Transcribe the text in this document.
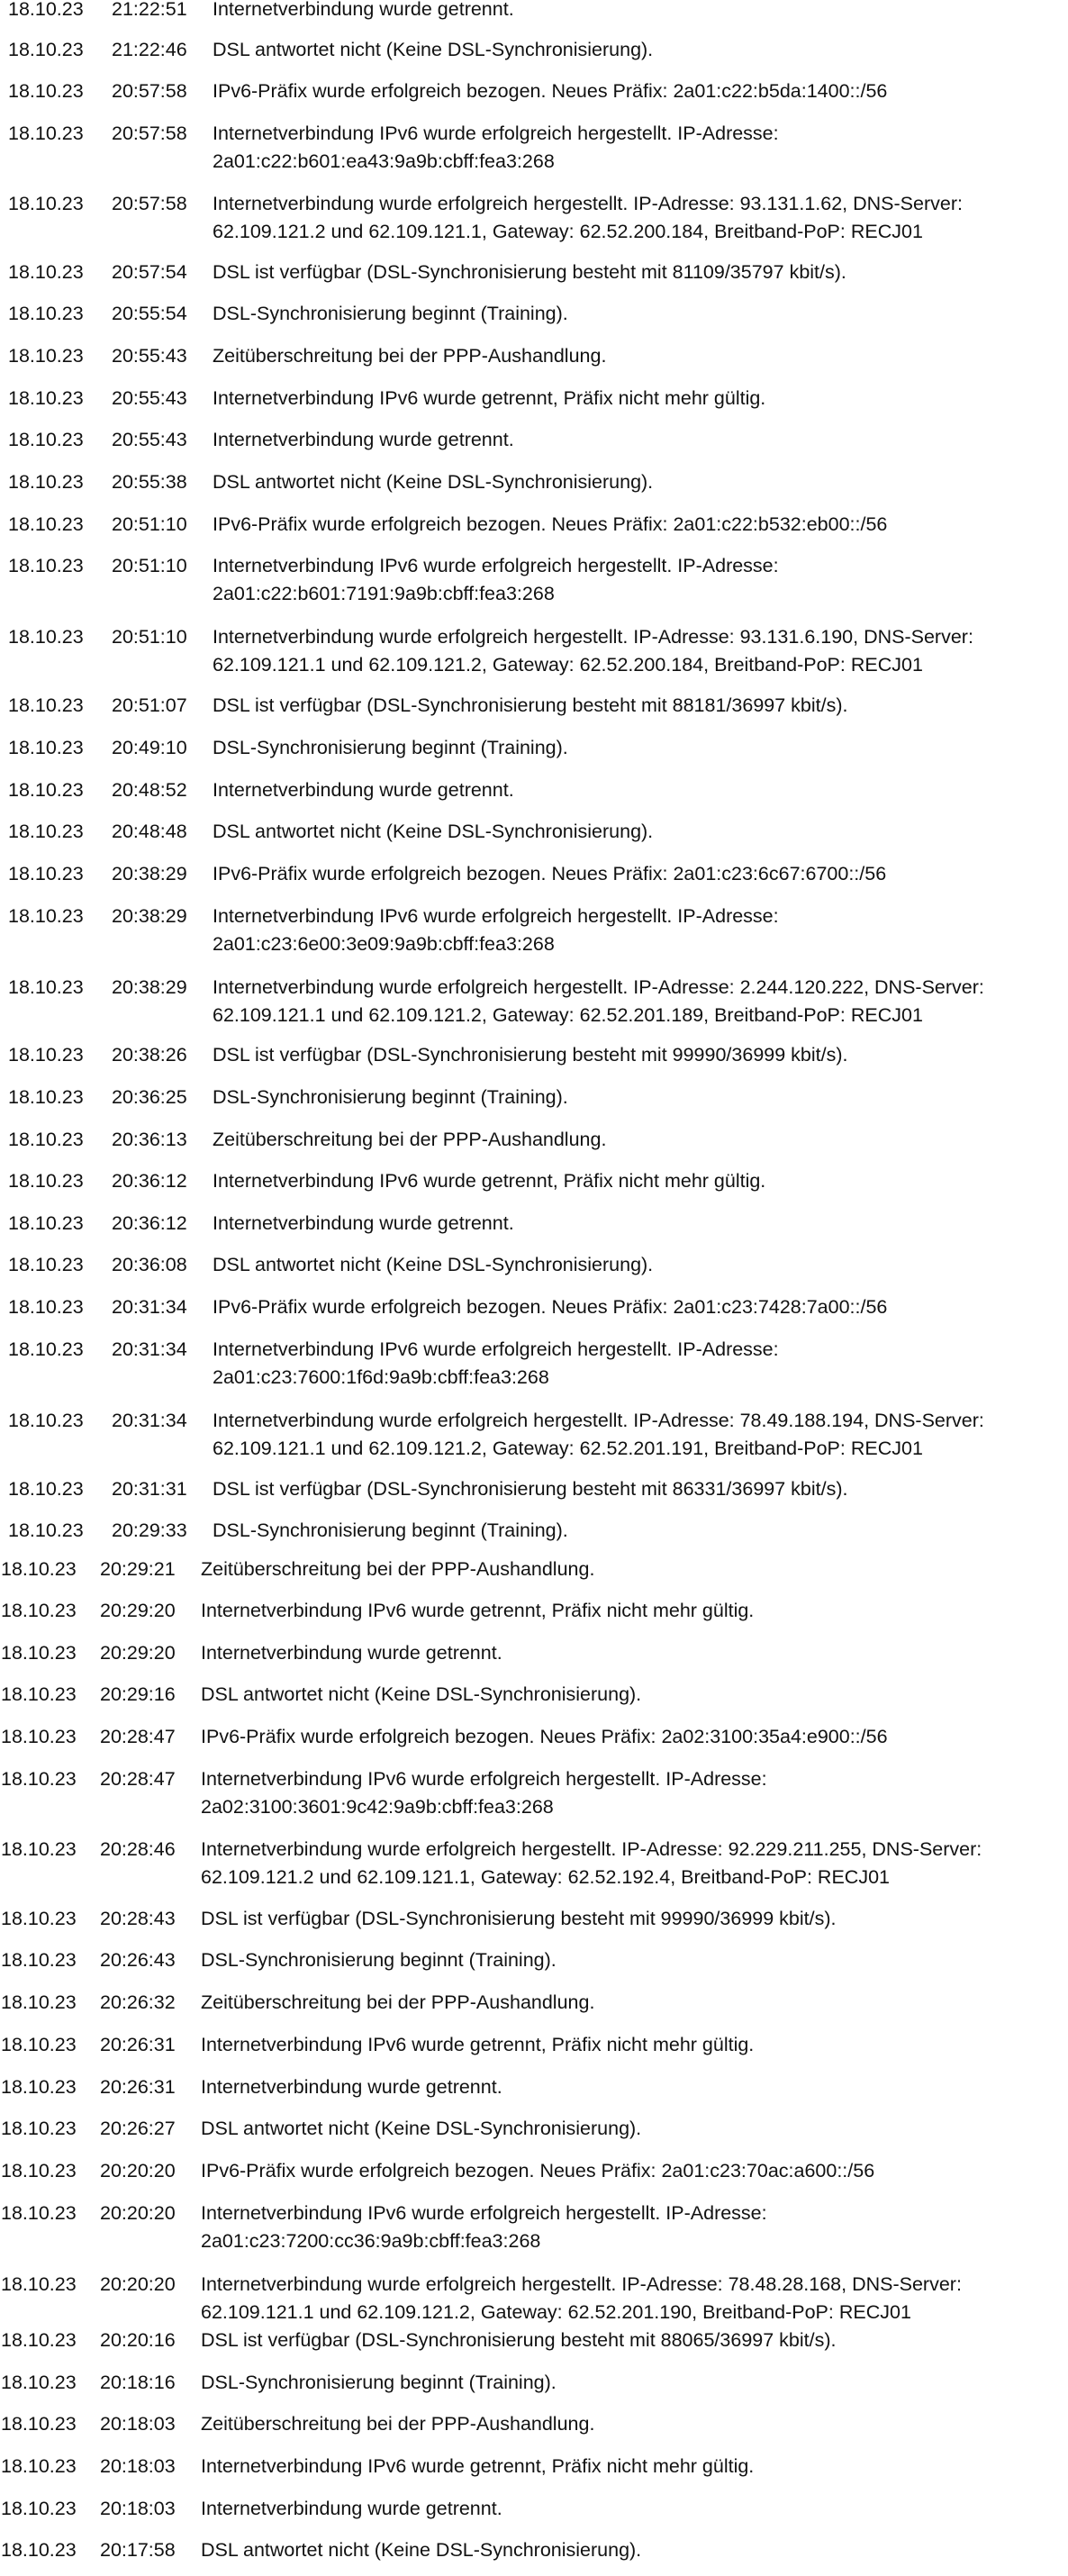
18.10.23 21:22:51 Internetverbindung wurde getrennt.
18.10.23 21:22:46 DSL antwortet nicht (Keine DSL-Synchronisierung).
18.10.23 20:57:58 IPv6-Präfix wurde erfolgreich bezogen. Neues Präfix: 2a01:c22:b5da:1400::/56
18.10.23 20:57:58 Internetverbindung IPv6 wurde erfolgreich hergestellt. IP-Adresse: 2a01:c22:b601:ea43:9a9b:cbff:fea3:268
18.10.23 20:57:58 Internetverbindung wurde erfolgreich hergestellt. IP-Adresse: 93.131.1.62, DNS-Server: 62.109.121.2 und 62.109.121.1, Gateway: 62.52.200.184, Breitband-PoP: RECJ01
18.10.23 20:57:54 DSL ist verfügbar (DSL-Synchronisierung besteht mit 81109/35797 kbit/s).
18.10.23 20:55:54 DSL-Synchronisierung beginnt (Training).
18.10.23 20:55:43 Zeitüberschreitung bei der PPP-Aushandlung.
18.10.23 20:55:43 Internetverbindung IPv6 wurde getrennt, Präfix nicht mehr gültig.
18.10.23 20:55:43 Internetverbindung wurde getrennt.
18.10.23 20:55:38 DSL antwortet nicht (Keine DSL-Synchronisierung).
18.10.23 20:51:10 IPv6-Präfix wurde erfolgreich bezogen. Neues Präfix: 2a01:c22:b532:eb00::/56
18.10.23 20:51:10 Internetverbindung IPv6 wurde erfolgreich hergestellt. IP-Adresse: 2a01:c22:b601:7191:9a9b:cbff:fea3:268
18.10.23 20:51:10 Internetverbindung wurde erfolgreich hergestellt. IP-Adresse: 93.131.6.190, DNS-Server: 62.109.121.1 und 62.109.121.2, Gateway: 62.52.200.184, Breitband-PoP: RECJ01
18.10.23 20:51:07 DSL ist verfügbar (DSL-Synchronisierung besteht mit 88181/36997 kbit/s).
18.10.23 20:49:10 DSL-Synchronisierung beginnt (Training).
18.10.23 20:48:52 Internetverbindung wurde getrennt.
18.10.23 20:48:48 DSL antwortet nicht (Keine DSL-Synchronisierung).
18.10.23 20:38:29 IPv6-Präfix wurde erfolgreich bezogen. Neues Präfix: 2a01:c23:6c67:6700::/56
18.10.23 20:38:29 Internetverbindung IPv6 wurde erfolgreich hergestellt. IP-Adresse: 2a01:c23:6e00:3e09:9a9b:cbff:fea3:268
18.10.23 20:38:29 Internetverbindung wurde erfolgreich hergestellt. IP-Adresse: 2.244.120.222, DNS-Server: 62.109.121.1 und 62.109.121.2, Gateway: 62.52.201.189, Breitband-PoP: RECJ01
18.10.23 20:38:26 DSL ist verfügbar (DSL-Synchronisierung besteht mit 99990/36999 kbit/s).
18.10.23 20:36:25 DSL-Synchronisierung beginnt (Training).
18.10.23 20:36:13 Zeitüberschreitung bei der PPP-Aushandlung.
18.10.23 20:36:12 Internetverbindung IPv6 wurde getrennt, Präfix nicht mehr gültig.
18.10.23 20:36:12 Internetverbindung wurde getrennt.
18.10.23 20:36:08 DSL antwortet nicht (Keine DSL-Synchronisierung).
18.10.23 20:31:34 IPv6-Präfix wurde erfolgreich bezogen. Neues Präfix: 2a01:c23:7428:7a00::/56
18.10.23 20:31:34 Internetverbindung IPv6 wurde erfolgreich hergestellt. IP-Adresse: 2a01:c23:7600:1f6d:9a9b:cbff:fea3:268
18.10.23 20:31:34 Internetverbindung wurde erfolgreich hergestellt. IP-Adresse: 78.49.188.194, DNS-Server: 62.109.121.1 und 62.109.121.2, Gateway: 62.52.201.191, Breitband-PoP: RECJ01
18.10.23 20:31:31 DSL ist verfügbar (DSL-Synchronisierung besteht mit 86331/36997 kbit/s).
18.10.23 20:29:33 DSL-Synchronisierung beginnt (Training).
18.10.23 20:29:21 Zeitüberschreitung bei der PPP-Aushandlung.
18.10.23 20:29:20 Internetverbindung IPv6 wurde getrennt, Präfix nicht mehr gültig.
18.10.23 20:29:20 Internetverbindung wurde getrennt.
18.10.23 20:29:16 DSL antwortet nicht (Keine DSL-Synchronisierung).
18.10.23 20:28:47 IPv6-Präfix wurde erfolgreich bezogen. Neues Präfix: 2a02:3100:35a4:e900::/56
18.10.23 20:28:47 Internetverbindung IPv6 wurde erfolgreich hergestellt. IP-Adresse: 2a02:3100:3601:9c42:9a9b:cbff:fea3:268
18.10.23 20:28:46 Internetverbindung wurde erfolgreich hergestellt. IP-Adresse: 92.229.211.255, DNS-Server: 62.109.121.2 und 62.109.121.1, Gateway: 62.52.192.4, Breitband-PoP: RECJ01
18.10.23 20:28:43 DSL ist verfügbar (DSL-Synchronisierung besteht mit 99990/36999 kbit/s).
18.10.23 20:26:43 DSL-Synchronisierung beginnt (Training).
18.10.23 20:26:32 Zeitüberschreitung bei der PPP-Aushandlung.
18.10.23 20:26:31 Internetverbindung IPv6 wurde getrennt, Präfix nicht mehr gültig.
18.10.23 20:26:31 Internetverbindung wurde getrennt.
18.10.23 20:26:27 DSL antwortet nicht (Keine DSL-Synchronisierung).
18.10.23 20:20:20 IPv6-Präfix wurde erfolgreich bezogen. Neues Präfix: 2a01:c23:70ac:a600::/56
18.10.23 20:20:20 Internetverbindung IPv6 wurde erfolgreich hergestellt. IP-Adresse: 2a01:c23:7200:cc36:9a9b:cbff:fea3:268
18.10.23 20:20:20 Internetverbindung wurde erfolgreich hergestellt. IP-Adresse: 78.48.28.168, DNS-Server: 62.109.121.1 und 62.109.121.2, Gateway: 62.52.201.190, Breitband-PoP: RECJ01
18.10.23 20:20:16 DSL ist verfügbar (DSL-Synchronisierung besteht mit 88065/36997 kbit/s).
18.10.23 20:18:16 DSL-Synchronisierung beginnt (Training).
18.10.23 20:18:03 Zeitüberschreitung bei der PPP-Aushandlung.
18.10.23 20:18:03 Internetverbindung IPv6 wurde getrennt, Präfix nicht mehr gültig.
18.10.23 20:18:03 Internetverbindung wurde getrennt.
18.10.23 20:17:58 DSL antwortet nicht (Keine DSL-Synchronisierung).
